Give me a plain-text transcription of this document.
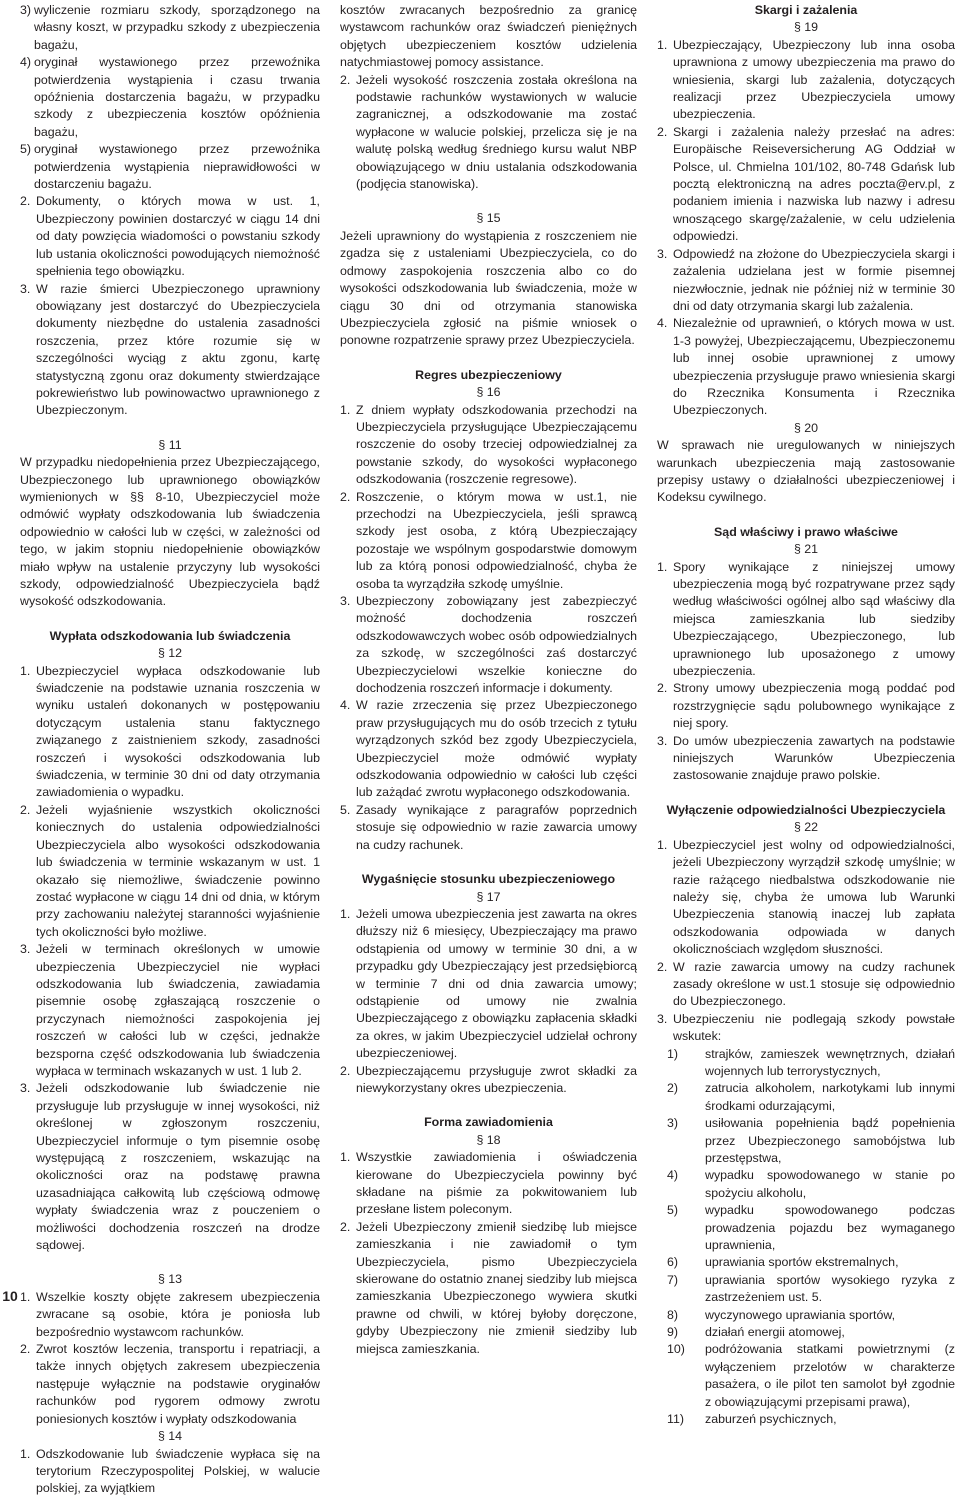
3) wyliczenie rozmiaru szkody, sporządzonego na własny koszt, w przypadku szkody z ubezpieczenia bagażu,
4) oryginał wystawionego przez przewoźnika potwierdzenia wystąpienia i czasu trwania opóźnienia dostarczenia bagażu, w przypadku szkody z ubezpieczenia kosztów opóźnienia bagażu,
5) oryginał wystawionego przez przewoźnika potwierdzenia wystąpienia nieprawidłowości w dostarczeniu bagażu.
2. Dokumenty, o których mowa w ust. 1, Ubezpieczony powinien dostarczyć w ciągu 14 dni od daty powzięcia wiadomości o powstaniu szkody lub ustania okoliczności powodujących niemożność spełnienia tego obowiązku.
3. W razie śmierci Ubezpieczonego uprawniony obowiązany jest dostarczyć do Ubezpieczyciela dokumenty niezbędne do ustalenia zasadności roszczenia, przez które rozumie się w szczególności wyciąg z aktu zgonu, kartę statystyczną zgonu oraz dokumenty stwierdzające pokrewieństwo lub powinowactwo uprawnionego z Ubezpieczonym.

§ 11

W przypadku niedopełnienia przez Ubezpieczającego, Ubezpieczonego lub uprawnionego obowiązków wymienionych w §§ 8-10, Ubezpieczyciel może odmówić wypłaty odszkodowania lub świadczenia odpowiednio w całości lub w części, w zależności od tego, w jakim stopniu niedopełnienie obowiązków miało wpływ na ustalenie przyczyny lub wysokości szkody, odpowiedzialność Ubezpieczyciela bądź wysokość odszkodowania.

Wypłata odszkodowania lub świadczenia

§ 12

1. Ubezpieczyciel wypłaca odszkodowanie lub świadczenie na podstawie uznania roszczenia w wyniku ustaleń dokonanych w postępowaniu dotyczącym ustalenia stanu faktycznego związanego z zaistnieniem szkody, zasadności roszczeń i wysokości odszkodowania lub świadczenia, w terminie 30 dni od daty otrzymania zawiadomienia o wypadku.
2. Jeżeli wyjaśnienie wszystkich okoliczności koniecznych do ustalenia odpowiedzialności Ubezpieczyciela albo wysokości odszkodowania lub świadczenia w terminie wskazanym w ust. 1 okazało się niemożliwe, świadczenie powinno zostać wypłacone w ciągu 14 dni od dnia, w którym przy zachowaniu należytej staranności wyjaśnienie tych okoliczności było możliwe.
3. Jeżeli w terminach określonych w umowie ubezpieczenia Ubezpieczyciel nie wypłaci odszkodowania lub świadczenia, zawiadamia pisemnie osobę zgłaszającą roszczenie o przyczynach niemożności zaspokojenia jej roszczeń w całości lub w części, jednakże bezsporna część odszkodowania lub świadczenia wypłaca w terminach wskazanych w ust. 1 lub 2.
3. Jeżeli odszkodowanie lub świadczenie nie przysługuje lub przysługuje w innej wysokości, niż określonej w zgłoszonym roszczeniu, Ubezpieczyciel informuje o tym pisemnie osobę występującą z roszczeniem, wskazując na okoliczności oraz na podstawę prawna uzasadniająca całkowitą lub częściową odmowę wypłaty świadczenia wraz z pouczeniem o możliwości dochodzenia roszczeń na drodze sądowej.

§ 13

1. Wszelkie koszty objęte zakresem ubezpieczenia zwracane są osobie, która je poniosła lub bezpośrednio wystawcom rachunków.
2. Zwrot kosztów leczenia, transportu i repatriacji, a także innych objętych zakresem ubezpieczenia następuje wyłącznie na podstawie oryginałów rachunków pod rygorem odmowy zwrotu poniesionych kosztów i wypłaty odszkodowania

§ 14

1. Odszkodowanie lub świadczenie wypłaca się na terytorium Rzeczypospolitej Polskiej, w walucie polskiej, za wyjątkiem

kosztów zwracanych bezpośrednio za granicę wystawcom rachunków oraz świadczeń pieniężnych objętych ubezpieczeniem kosztów udzielenia natychmiastowej pomocy assistance.

2. Jeżeli wysokość roszczenia została określona na podstawie rachunków wystawionych w walucie zagranicznej, a odszkodowanie ma zostać wypłacone w walucie polskiej, przelicza się je na walutę polską według średniego kursu walut NBP obowiązującego w dniu ustalania odszkodowania (podjęcia stanowiska).

§ 15

Jeżeli uprawniony do wystąpienia z roszczeniem nie zgadza się z ustaleniami Ubezpieczyciela, co do odmowy zaspokojenia roszczenia albo co do wysokości odszkodowania lub świadczenia, może w ciągu 30 dni od otrzymania stanowiska Ubezpieczyciela zgłosić na piśmie wniosek o ponowne rozpatrzenie sprawy przez Ubezpieczyciela.

Regres ubezpieczeniowy

§ 16

1. Z dniem wypłaty odszkodowania przechodzi na Ubezpieczyciela przysługujące Ubezpieczającemu roszczenie do osoby trzeciej odpowiedzialnej za powstanie szkody, do wysokości wypłaconego odszkodowania (roszczenie regresowe).
2. Roszczenie, o którym mowa w ust.1, nie przechodzi na Ubezpieczyciela, jeśli sprawcą szkody jest osoba, z którą Ubezpieczający pozostaje we wspólnym gospodarstwie domowym lub za którą ponosi odpowiedzialność, chyba że osoba ta wyrządziła szkodę umyślnie.
3. Ubezpieczony zobowiązany jest zabezpieczyć możność dochodzenia roszczeń odszkodowawczych wobec osób odpowiedzialnych za szkodę, w szczególności zaś dostarczyć Ubezpieczycielowi wszelkie konieczne do dochodzenia roszczeń informacje i dokumenty.
4. W razie zrzeczenia się przez Ubezpieczonego praw przysługujących mu do osób trzecich z tytułu wyrządzonych szkód bez zgody Ubezpieczyciela, Ubezpieczyciel może odmówić wypłaty odszkodowania odpowiednio w całości lub części lub zażądać zwrotu wypłaconego odszkodowania.
5. Zasady wynikające z paragrafów poprzednich stosuje się odpowiednio w razie zawarcia umowy na cudzy rachunek.

Wygaśnięcie stosunku ubezpieczeniowego

§ 17

1. Jeżeli umowa ubezpieczenia jest zawarta na okres dłuższy niż 6 miesięcy, Ubezpieczający ma prawo odstąpienia od umowy w terminie 30 dni, a w przypadku gdy Ubezpieczający jest przedsiębiorcą w terminie 7 dni od dnia zawarcia umowy; odstąpienie od umowy nie zwalnia Ubezpieczającego z obowiązku zapłacenia składki za okres, w jakim Ubezpieczyciel udzielał ochrony ubezpieczeniowej.
2. Ubezpieczającemu przysługuje zwrot składki za niewykorzystany okres ubezpieczenia.

Forma zawiadomienia

§ 18

1. Wszystkie zawiadomienia i oświadczenia kierowane do Ubezpieczyciela powinny być składane na piśmie za pokwitowaniem lub przesłane listem poleconym.
2. Jeżeli Ubezpieczony zmienił siedzibę lub miejsce zamieszkania i nie zawiadomił o tym Ubezpieczyciela, pismo Ubezpieczyciela skierowane do ostatnio znanej siedziby lub miejsca zamieszkania Ubezpieczonego wywiera skutki prawne od chwili, w której byłoby doręczone, gdyby Ubezpieczony nie zmienił siedziby lub miejsca zamieszkania.

Skargi i zażalenia

§ 19

1. Ubezpieczający, Ubezpieczony lub inna osoba uprawniona z umowy ubezpieczenia ma prawo do wniesienia, skargi lub zażalenia, dotyczących realizacji przez Ubezpieczyciela umowy ubezpieczenia.
2. Skargi i zażalenia należy przesłać na adres: Europäische Reiseversicherung AG Oddział w Polsce, ul. Chmielna 101/102, 80-748 Gdańsk lub pocztą elektroniczną na adres poczta@erv.pl, z podaniem imienia i nazwiska lub nazwy i adresu wnoszącego skargę/zażalenie, w celu udzielenia odpowiedzi.
3. Odpowiedź na złożone do Ubezpieczyciela skargi i zażalenia udzielana jest w formie pisemnej niezwłocznie, jednak nie później niż w terminie 30 dni od daty otrzymania skargi lub zażalenia.
4. Niezależnie od uprawnień, o których mowa w ust. 1-3 powyżej, Ubezpieczającemu, Ubezpieczonemu lub innej osobie uprawnionej z umowy ubezpieczenia przysługuje prawo wniesienia skargi do Rzecznika Konsumenta i Rzecznika Ubezpieczonych.

§ 20

W sprawach nie uregulowanych w niniejszych warunkach ubezpieczenia mają zastosowanie przepisy ustawy o działalności ubezpieczeniowej i Kodeksu cywilnego.

Sąd właściwy i prawo właściwe

§ 21

1. Spory wynikające z niniejszej umowy ubezpieczenia mogą być rozpatrywane przez sądy według właściwości ogólnej albo sąd właściwy dla miejsca zamieszkania lub siedziby Ubezpieczającego, Ubezpieczonego, lub uprawnionego lub uposażonego z umowy ubezpieczenia.
2. Strony umowy ubezpieczenia mogą poddać pod rozstrzygnięcie sądu polubownego wynikające z niej spory.
3. Do umów ubezpieczenia zawartych na podstawie niniejszych Warunków Ubezpieczenia zastosowanie znajduje prawo polskie.

Wyłączenie odpowiedzialności Ubezpieczyciela

§ 22

1. Ubezpieczyciel jest wolny od odpowiedzialności, jeżeli Ubezpieczony wyrządził szkodę umyślnie; w razie rażącego niedbalstwa odszkodowanie nie należy się, chyba że umowa lub Warunki Ubezpieczenia stanowią inaczej lub zapłata odszkodowania odpowiada w danych okolicznościach względom słuszności.
2. W razie zawarcia umowy na cudzy rachunek zasady określone w ust.1 stosuje się odpowiednio do Ubezpieczonego.
3. Ubezpieczeniu nie podlegają szkody powstałe wskutek:
1)	strajków, zamieszek wewnętrznych, działań wojennych lub terrorystycznych,
2)	zatrucia alkoholem, narkotykami lub innymi środkami odurzającymi,
3)	usiłowania popełnienia bądź popełnienia przez Ubezpieczonego samobójstwa lub przestępstwa,
4)	wypadku spowodowanego w stanie po spożyciu alkoholu,
5)	wypadku spowodowanego podczas prowadzenia pojazdu bez wymaganego uprawnienia,
6)	uprawiania sportów ekstremalnych,
7)	uprawiania sportów wysokiego ryzyka z zastrzeżeniem ust. 5.
8)	wyczynowego uprawiania sportów,
9)	działań energii atomowej,
10)	podróżowania statkami powietrznymi (z wyłączeniem przelotów w charakterze pasażera, o ile pilot ten samolot był zgodnie z obowiązującymi przepisami prawa),
11)	zaburzeń psychicznych,
10
